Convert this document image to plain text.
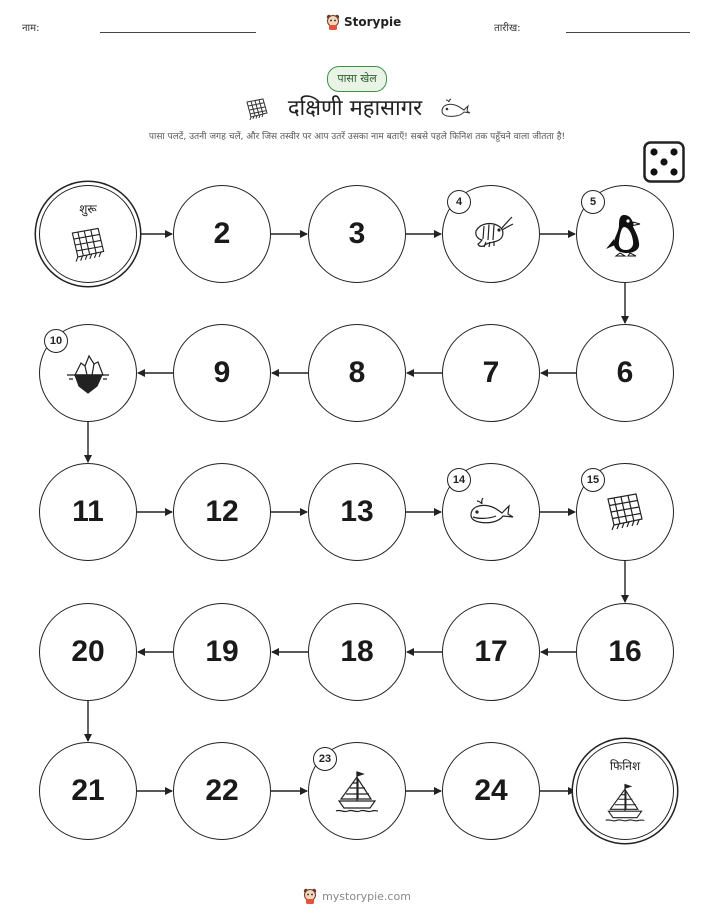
नाम:	Storypie	तारीख:
पासा खेल
दक्षिणी महासागर
पासा पलटें, उतनी जगह चलें, और जिस तस्वीर पर आप उतरें उसका नाम बताएँ! सबसे पहले फिनिश तक पहुँचने वाला जीतता है!
शुरू
2	3
4	5
6
7
8
9
10
11	12	13
14	15
16
17
18
19
20
21	22
23
24
फिनिश
mystorypie.com
